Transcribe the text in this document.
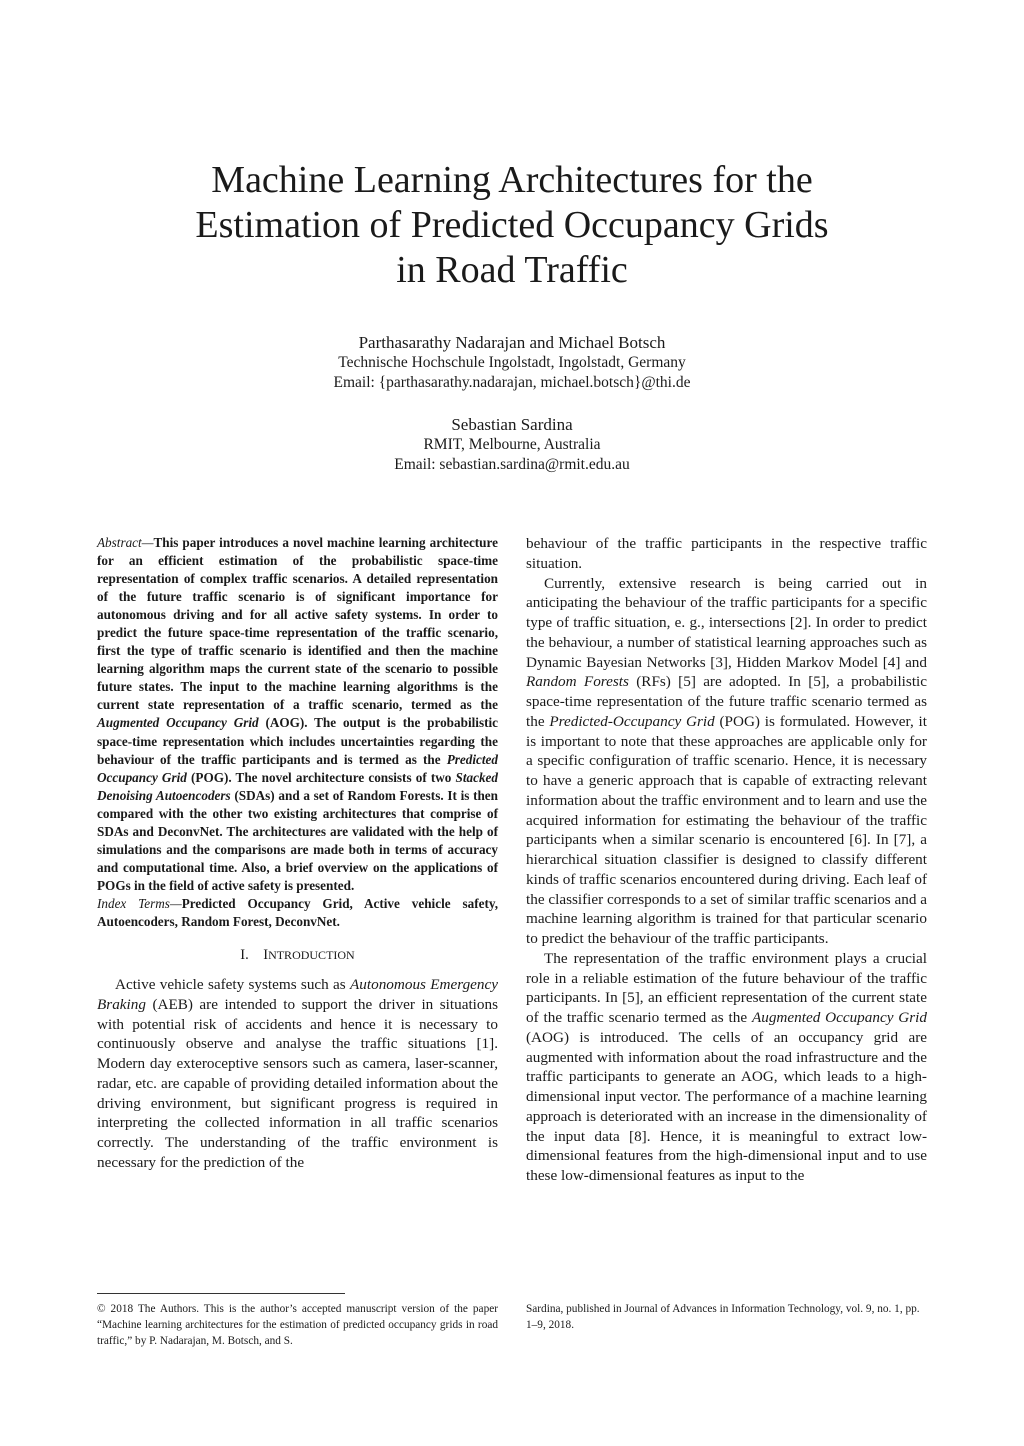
Machine Learning Architectures for the
Estimation of Predicted Occupancy Grids
in Road Traffic
Parthasarathy Nadarajan and Michael Botsch
Technische Hochschule Ingolstadt, Ingolstadt, Germany
Email: {parthasarathy.nadarajan, michael.botsch}@thi.de
Sebastian Sardina
RMIT, Melbourne, Australia
Email: sebastian.sardina@rmit.edu.au
Abstract—This paper introduces a novel machine learning architecture for an efficient estimation of the probabilistic space-time representation of complex traffic scenarios. A detailed representation of the future traffic scenario is of significant importance for autonomous driving and for all active safety systems. In order to predict the future space-time representation of the traffic scenario, first the type of traffic scenario is identified and then the machine learning algorithm maps the current state of the scenario to possible future states. The input to the machine learning algorithms is the current state representation of a traffic scenario, termed as the Augmented Occupancy Grid (AOG). The output is the probabilistic space-time representation which includes uncertainties regarding the behaviour of the traffic participants and is termed as the Predicted Occupancy Grid (POG). The novel architecture consists of two Stacked Denoising Autoencoders (SDAs) and a set of Random Forests. It is then compared with the other two existing architectures that comprise of SDAs and DeconvNet. The architectures are validated with the help of simulations and the comparisons are made both in terms of accuracy and computational time. Also, a brief overview on the applications of POGs in the field of active safety is presented.
Index Terms—Predicted Occupancy Grid, Active vehicle safety, Autoencoders, Random Forest, DeconvNet.
I. INTRODUCTION

Active vehicle safety systems such as Autonomous Emergency Braking (AEB) are intended to support the driver in situations with potential risk of accidents and hence it is necessary to continuously observe and analyse the traffic situations [1]. Modern day exteroceptive sensors such as camera, laser-scanner, radar, etc. are capable of providing detailed information about the driving environment, but significant progress is required in interpreting the collected information in all traffic scenarios correctly. The understanding of the traffic environment is necessary for the prediction of the

behaviour of the traffic participants in the respective traffic situation.

Currently, extensive research is being carried out in anticipating the behaviour of the traffic participants for a specific type of traffic situation, e. g., intersections [2]. In order to predict the behaviour, a number of statistical learning approaches such as Dynamic Bayesian Networks [3], Hidden Markov Model [4] and Random Forests (RFs) [5] are adopted. In [5], a probabilistic space-time representation of the future traffic scenario termed as the Predicted-Occupancy Grid (POG) is formulated. However, it is important to note that these approaches are applicable only for a specific configuration of traffic scenario. Hence, it is necessary to have a generic approach that is capable of extracting relevant information about the traffic environment and to learn and use the acquired information for estimating the behaviour of the traffic participants when a similar scenario is encountered [6]. In [7], a hierarchical situation classifier is designed to classify different kinds of traffic scenarios encountered during driving. Each leaf of the classifier corresponds to a set of similar traffic scenarios and a machine learning algorithm is trained for that particular scenario to predict the behaviour of the traffic participants.

The representation of the traffic environment plays a crucial role in a reliable estimation of the future behaviour of the traffic participants. In [5], an efficient representation of the current state of the traffic scenario termed as the Augmented Occupancy Grid (AOG) is introduced. The cells of an occupancy grid are augmented with information about the road infrastructure and the traffic participants to generate an AOG, which leads to a high-dimensional input vector. The performance of a machine learning approach is deteriorated with an increase in the dimensionality of the input data [8]. Hence, it is meaningful to extract low-dimensional features from the high-dimensional input and to use these low-dimensional features as input to the

© 2018 The Authors. This is the author’s accepted manuscript version of the paper “Machine learning architectures for the estimation of predicted occupancy grids in road traffic,” by P. Nadarajan, M. Botsch, and S.
Sardina, published in Journal of Advances in Information Technology, vol. 9, no. 1, pp. 1–9, 2018.
